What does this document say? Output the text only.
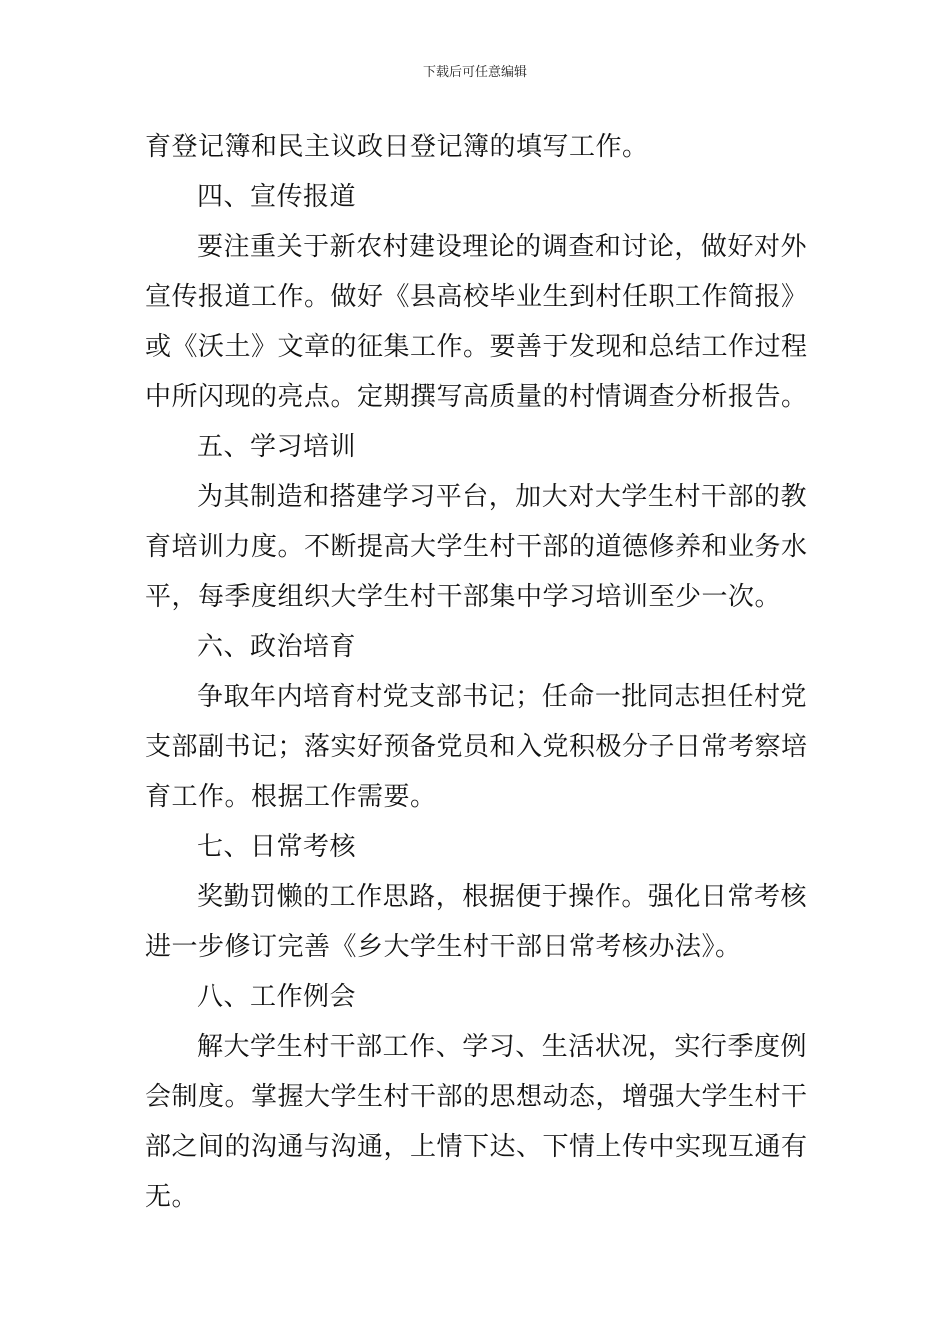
下载后可任意编辑
育登记簿和民主议政日登记簿的填写工作。
四、宣传报道
要注重关于新农村建设理论的调查和讨论，做好对外
宣传报道工作。做好《县高校毕业生到村任职工作简报》
或《沃土》文章的征集工作。要善于发现和总结工作过程
中所闪现的亮点。定期撰写高质量的村情调查分析报告。
五、学习培训
为其制造和搭建学习平台，加大对大学生村干部的教
育培训力度。不断提高大学生村干部的道德修养和业务水
平，每季度组织大学生村干部集中学习培训至少一次。
六、政治培育
争取年内培育村党支部书记；任命一批同志担任村党
支部副书记；落实好预备党员和入党积极分子日常考察培
育工作。根据工作需要。
七、日常考核
奖勤罚懒的工作思路，根据便于操作。强化日常考核
进一步修订完善《乡大学生村干部日常考核办法》。
八、工作例会
解大学生村干部工作、学习、生活状况，实行季度例
会制度。掌握大学生村干部的思想动态，增强大学生村干
部之间的沟通与沟通，上情下达、下情上传中实现互通有
无。
